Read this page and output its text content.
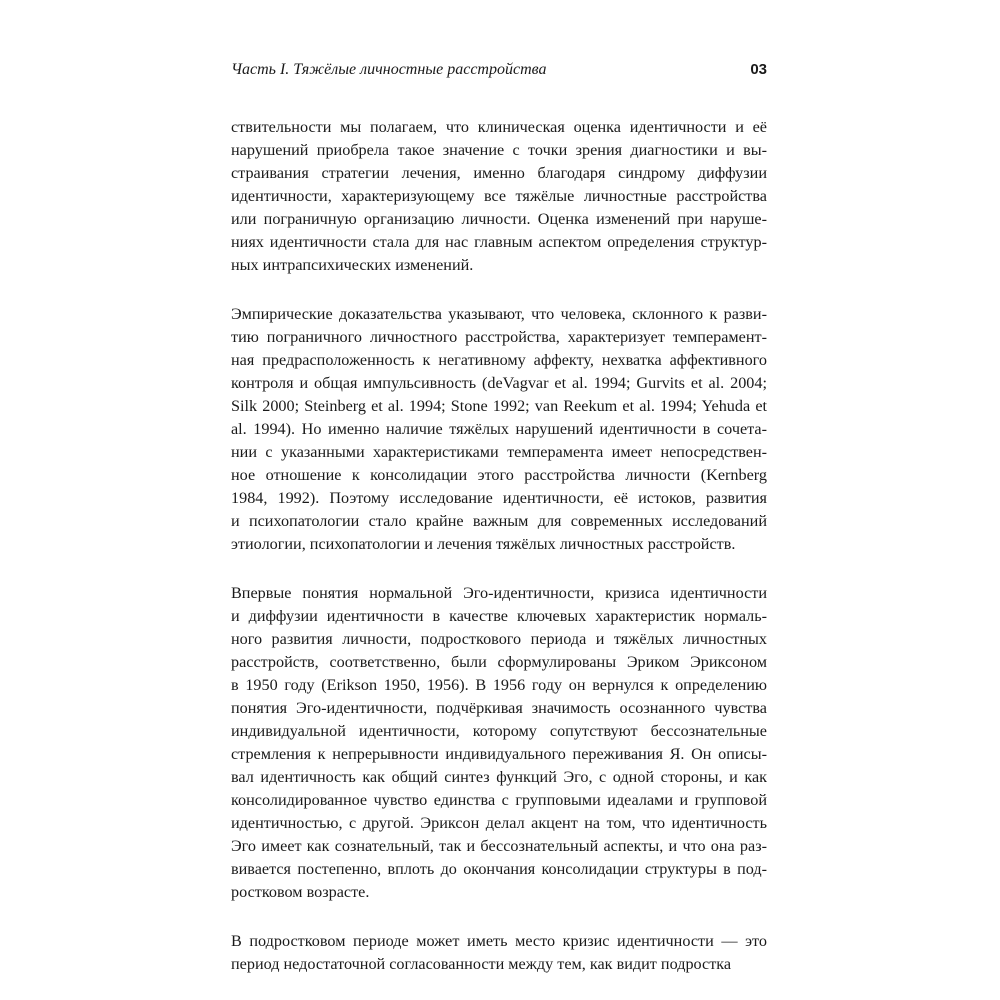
Часть I. Тяжёлые личностные расстройства	03
ствительности мы полагаем, что клиническая оценка идентичности и её
нарушений приобрела такое значение с точки зрения диагностики и вы-
страивания стратегии лечения, именно благодаря синдрому диффузии
идентичности, характеризующему все тяжёлые личностные расстройства
или пограничную организацию личности. Оценка изменений при наруше-
ниях идентичности стала для нас главным аспектом определения структур-
ных интрапсихических изменений.
Эмпирические доказательства указывают, что человека, склонного к разви-
тию пограничного личностного расстройства, характеризует темперамент-
ная предрасположенность к негативному аффекту, нехватка аффективного
контроля и общая импульсивность (deVagvar et al. 1994; Gurvits et al. 2004;
Silk 2000; Steinberg et al. 1994; Stone 1992; van Reekum et al. 1994; Yehuda et
al. 1994). Но именно наличие тяжёлых нарушений идентичности в сочета-
нии с указанными характеристиками темперамента имеет непосредствен-
ное отношение к консолидации этого расстройства личности (Kernberg
1984, 1992). Поэтому исследование идентичности, её истоков, развития
и психопатологии стало крайне важным для современных исследований
этиологии, психопатологии и лечения тяжёлых личностных расстройств.
Впервые понятия нормальной Эго-идентичности, кризиса идентичности
и диффузии идентичности в качестве ключевых характеристик нормаль-
ного развития личности, подросткового периода и тяжёлых личностных
расстройств, соответственно, были сформулированы Эриком Эриксоном
в 1950 году (Erikson 1950, 1956). В 1956 году он вернулся к определению
понятия Эго-идентичности, подчёркивая значимость осознанного чувства
индивидуальной идентичности, которому сопутствуют бессознательные
стремления к непрерывности индивидуального переживания Я. Он описы-
вал идентичность как общий синтез функций Эго, с одной стороны, и как
консолидированное чувство единства с групповыми идеалами и групповой
идентичностью, с другой. Эриксон делал акцент на том, что идентичность
Эго имеет как сознательный, так и бессознательный аспекты, и что она раз-
вивается постепенно, вплоть до окончания консолидации структуры в под-
ростковом возрасте.
В подростковом периоде может иметь место кризис идентичности — это
период недостаточной согласованности между тем, как видит подростка
